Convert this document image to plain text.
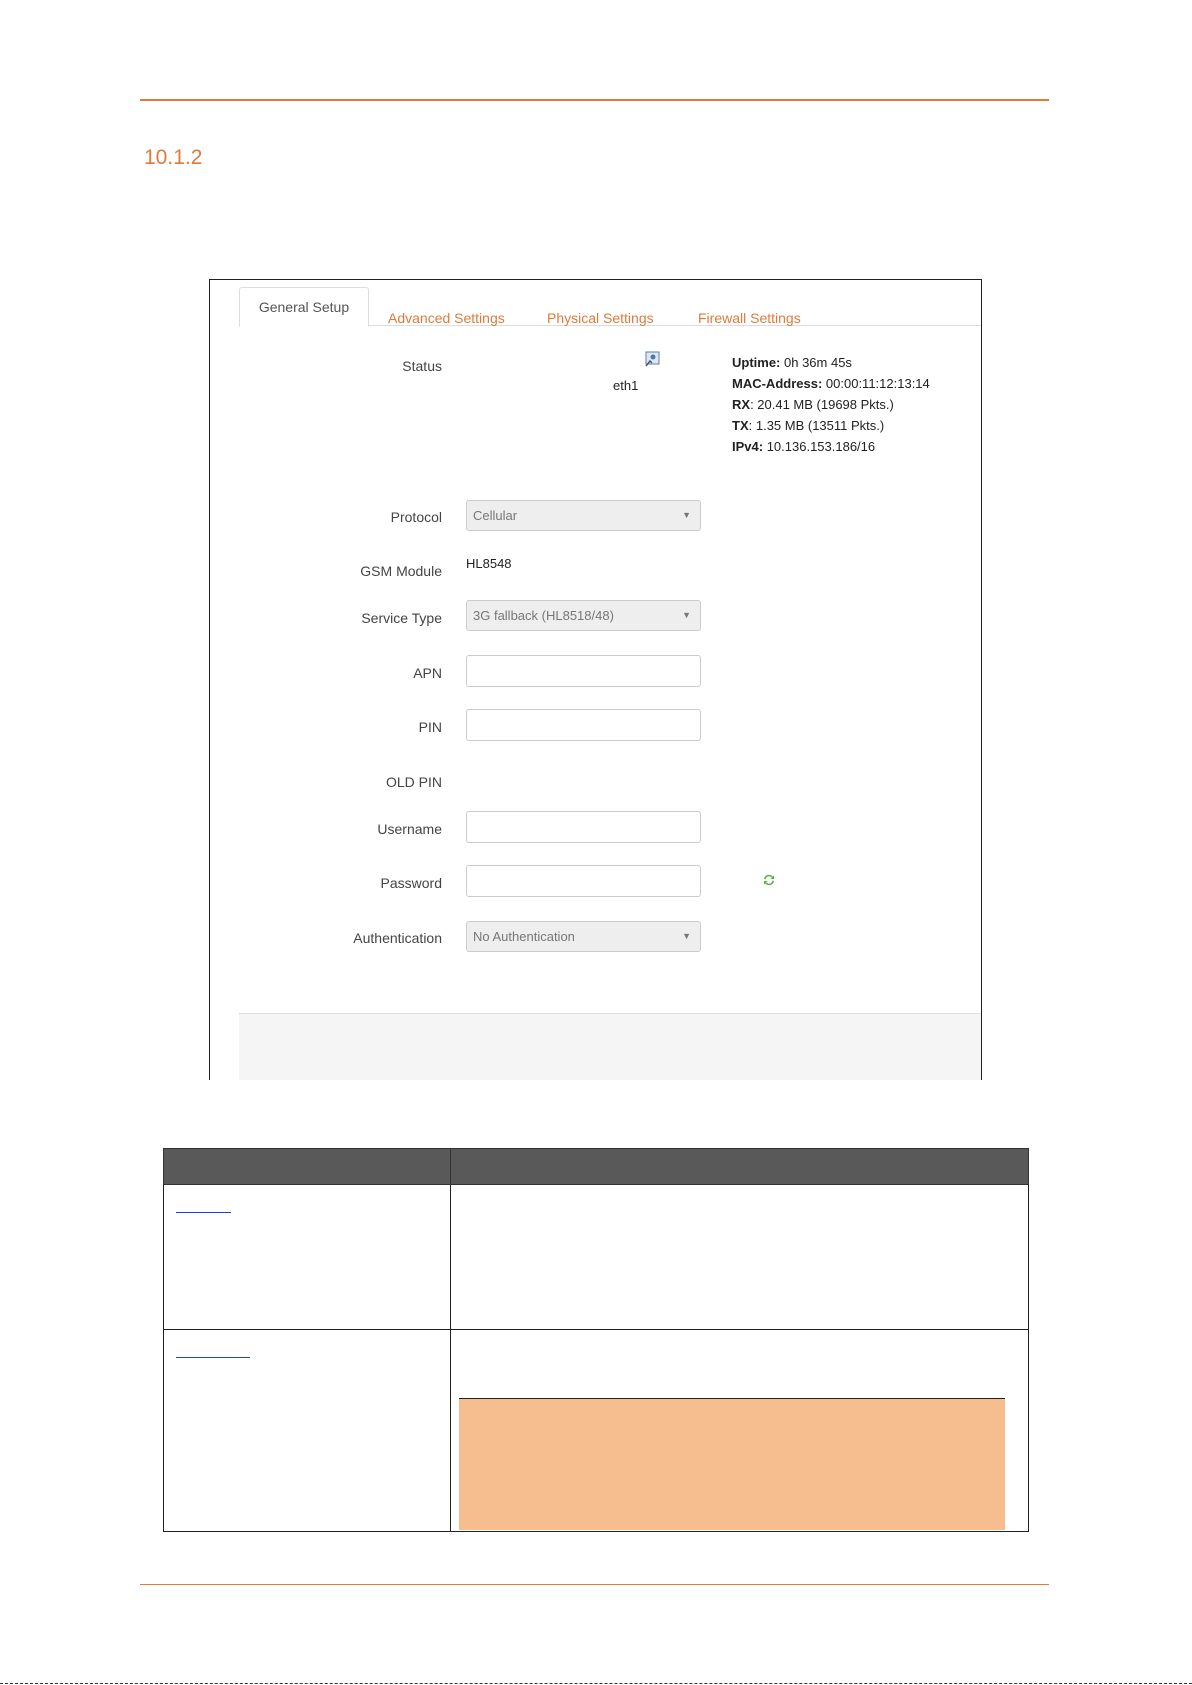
10.1.2
General Setup
Advanced Settings	Physical Settings	Firewall Settings
Status
eth1
Uptime: 0h 36m 45s
MAC-Address: 00:00:11:12:13:14
RX: 20.41 MB (19698 Pkts.)
TX: 1.35 MB (13511 Pkts.)
IPv4: 10.136.153.186/16
Protocol	Cellular	▼
GSM Module HL8548
Service Type	3G fallback (HL8518/48)	▼
APN
PIN
OLD PIN
Username
Password
Authentication	No Authentication	▼
